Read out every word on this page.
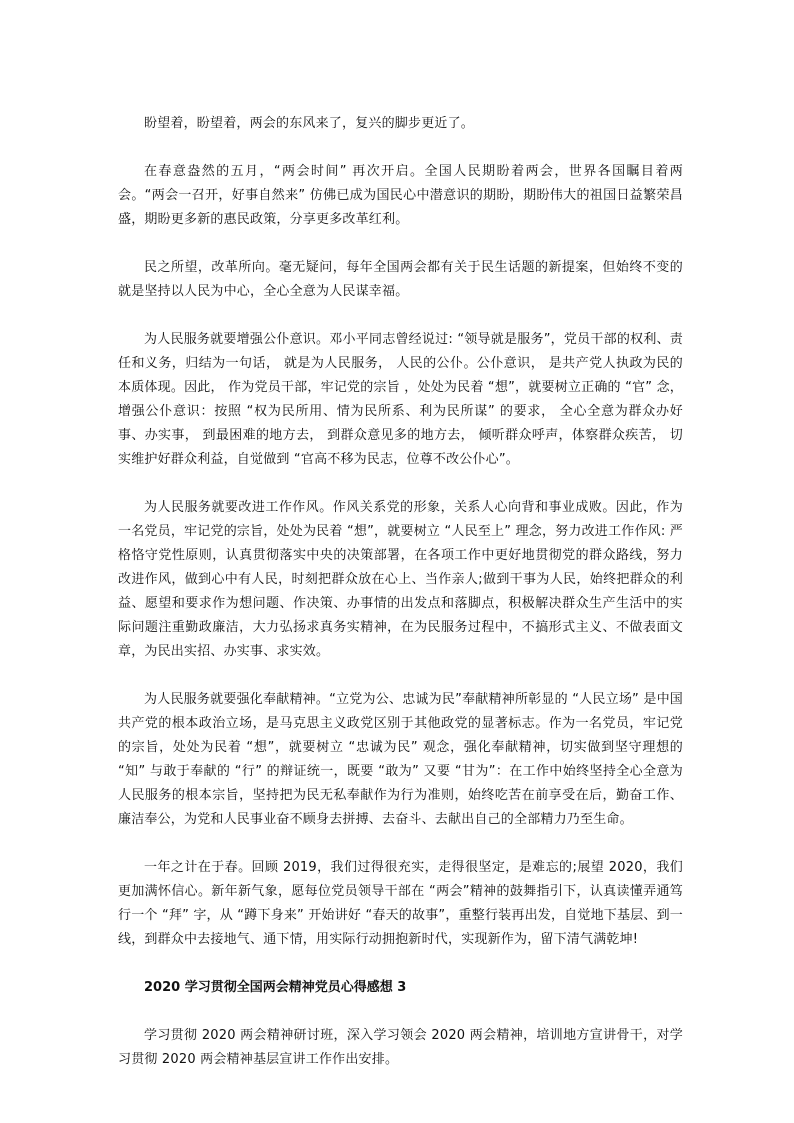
盼望着，盼望着，两会的东风来了，复兴的脚步更近了。

在春意盎然的五月，“两会时间” 再次开启。全国人民期盼着两会，世界各国瞩目着两会。“两会一召开，好事自然来” 仿佛已成为国民心中潜意识的期盼，期盼伟大的祖国日益繁荣昌盛，期盼更多新的惠民政策，分享更多改革红利。

民之所望，改革所向。毫无疑问，每年全国两会都有关于民生话题的新提案，但始终不变的就是坚持以人民为中心，全心全意为人民谋幸福。

为人民服务就要增强公仆意识。邓小平同志曾经说过: “领导就是服务”，党员干部的权利、责任和义务，归结为一句话， 就是为人民服务， 人民的公仆。公仆意识， 是共产党人执政为民的本质体现。因此， 作为党员干部，牢记党的宗旨 ，处处为民着 “想”，就要树立正确的 “官” 念，增强公仆意识：按照 “权为民所用、情为民所系、利为民所谋” 的要求， 全心全意为群众办好事、办实事， 到最困难的地方去， 到群众意见多的地方去， 倾听群众呼声，体察群众疾苦， 切实维护好群众利益，自觉做到 “官高不移为民志，位尊不改公仆心”。

为人民服务就要改进工作作风。作风关系党的形象，关系人心向背和事业成败。因此，作为一名党员，牢记党的宗旨，处处为民着 “想”，就要树立 “人民至上” 理念，努力改进工作作风: 严格恪守党性原则，认真贯彻落实中央的决策部署，在各项工作中更好地贯彻党的群众路线，努力改进作风，做到心中有人民，时刻把群众放在心上、当作亲人;做到干事为人民，始终把群众的利益、愿望和要求作为想问题、作决策、办事情的出发点和落脚点，积极解决群众生产生活中的实际问题注重勤政廉洁，大力弘扬求真务实精神，在为民服务过程中，不搞形式主义、不做表面文章，为民出实招、办实事、求实效。

为人民服务就要强化奉献精神。“立党为公、忠诚为民”奉献精神所彰显的 “人民立场” 是中国共产党的根本政治立场，是马克思主义政党区别于其他政党的显著标志。作为一名党员，牢记党的宗旨，处处为民着 “想”，就要树立 “忠诚为民” 观念，强化奉献精神，切实做到坚守理想的 “知” 与敢于奉献的 “行” 的辩证统一，既要 “敢为” 又要 “甘为”：在工作中始终坚持全心全意为人民服务的根本宗旨，坚持把为民无私奉献作为行为准则，始终吃苦在前享受在后，勤奋工作、廉洁奉公，为党和人民事业奋不顾身去拼搏、去奋斗、去献出自己的全部精力乃至生命。

一年之计在于春。回顾 2019，我们过得很充实，走得很坚定，是难忘的;展望 2020，我们更加满怀信心。新年新气象，愿每位党员领导干部在 “两会”精神的鼓舞指引下，认真读懂弄通笃行一个 “拜” 字，从 “蹲下身来” 开始讲好 “春天的故事”，重整行装再出发，自觉地下基层、到一线，到群众中去接地气、通下情，用实际行动拥抱新时代，实现新作为，留下清气满乾坤!

2020 学习贯彻全国两会精神党员心得感想 3

学习贯彻 2020 两会精神研讨班，深入学习领会 2020 两会精神，培训地方宣讲骨干，对学习贯彻 2020 两会精神基层宣讲工作作出安排。
